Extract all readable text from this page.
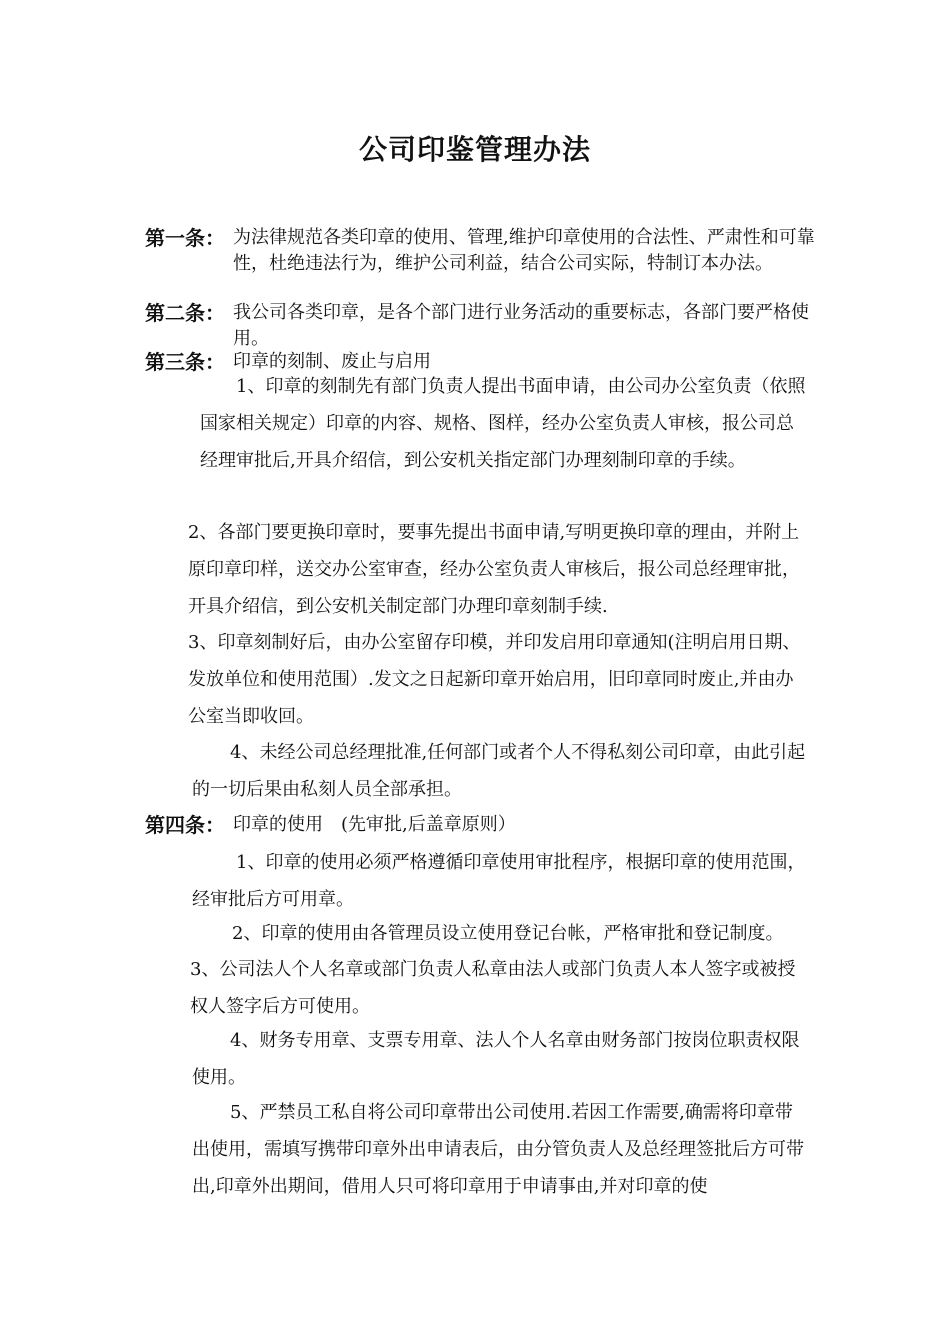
公司印鉴管理办法
第一条： 为法律规范各类印章的使用、管理,维护印章使用的合法性、严肃性和可靠性，杜绝违法行为，维护公司利益，结合公司实际，特制订本办法。
第二条： 我公司各类印章，是各个部门进行业务活动的重要标志，各部门要严格使用。
第三条： 印章的刻制、废止与启用

1、印章的刻制先有部门负责人提出书面申请，由公司办公室负责（依照国家相关规定）印章的内容、规格、图样，经办公室负责人审核，报公司总经理审批后,开具介绍信，到公安机关指定部门办理刻制印章的手续。

2、各部门要更换印章时，要事先提出书面申请,写明更换印章的理由，并附上原印章印样，送交办公室审查，经办公室负责人审核后，报公司总经理审批，开具介绍信，到公安机关制定部门办理印章刻制手续.

3、印章刻制好后，由办公室留存印模，并印发启用印章通知(注明启用日期、发放单位和使用范围）.发文之日起新印章开始启用，旧印章同时废止,并由办公室当即收回。

4、未经公司总经理批准,任何部门或者个人不得私刻公司印章，由此引起的一切后果由私刻人员全部承担。

第四条： 印章的使用　(先审批,后盖章原则）

1、印章的使用必须严格遵循印章使用审批程序，根据印章的使用范围，经审批后方可用章。

2、印章的使用由各管理员设立使用登记台帐，严格审批和登记制度。

3、公司法人个人名章或部门负责人私章由法人或部门负责人本人签字或被授权人签字后方可使用。

4、财务专用章、支票专用章、法人个人名章由财务部门按岗位职责权限使用。

5、严禁员工私自将公司印章带出公司使用.若因工作需要,确需将印章带出使用，需填写携带印章外出申请表后，由分管负责人及总经理签批后方可带出,印章外出期间，借用人只可将印章用于申请事由,并对印章的使
